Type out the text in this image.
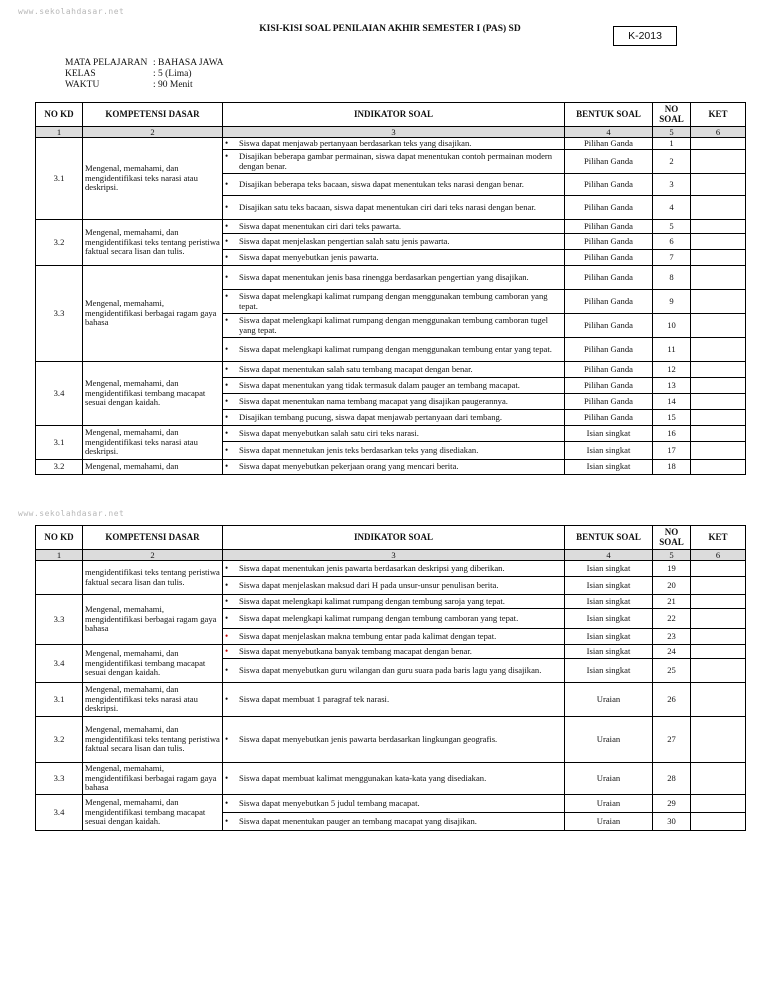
www.sekolahdasar.net
KISI-KISI SOAL PENILAIAN AKHIR SEMESTER I (PAS) SD
K-2013
MATA PELAJARAN : BAHASA JAWA
KELAS	: 5 (Lima)
WAKTU	: 90 Menit
NO KD	KOMPETENSI DASAR	INDIKATOR SOAL	BENTUK SOAL	NO SOAL	KET
1	2	3	4	5	6
3.1	Mengenal, memahami, dan mengidentifikasi teks narasi atau deskripsi.	• Siswa dapat menjawab pertanyaan berdasarkan teks yang disajikan.	Pilihan Ganda	1	

		• Disajikan beberapa gambar permainan, siswa dapat menentukan contoh permainan modern dengan benar.	Pilihan Ganda	2	

		• Disajikan beberapa teks bacaan, siswa dapat menentukan teks narasi dengan benar.	Pilihan Ganda	3	

		• Disajikan satu teks bacaan, siswa dapat menentukan ciri dari teks narasi dengan benar.	Pilihan Ganda	4	
3.2	Mengenal, memahami, dan mengidentifikasi teks tentang peristiwa faktual secara lisan dan tulis.	• Siswa dapat menentukan ciri dari teks pawarta.	Pilihan Ganda	5	

		• Siswa dapat menjelaskan pengertian salah satu jenis pawarta.	Pilihan Ganda	6	

		• Siswa dapat menyebutkan jenis pawarta.	Pilihan Ganda	7	
3.3	Mengenal, memahami, mengidentifikasi berbagai ragam gaya bahasa	• Siswa dapat menentukan jenis basa rinengga berdasarkan pengertian yang disajikan.	Pilihan Ganda	8	

		• Siswa dapat melengkapi kalimat rumpang dengan menggunakan tembung camboran yang tepat.	Pilihan Ganda	9	

		• Siswa dapat melengkapi kalimat rumpang dengan menggunakan tembung camboran tugel yang tepat.	Pilihan Ganda	10	

		• Siswa dapat melengkapi kalimat rumpang dengan menggunakan tembung entar yang tepat.	Pilihan Ganda	11	
3.4	Mengenal, memahami, dan mengidentifikasi tembang macapat sesuai dengan kaidah.	• Siswa dapat menentukan salah satu tembang macapat dengan benar.	Pilihan Ganda	12	

		• Siswa dapat menentukan yang tidak termasuk dalam pauger an tembang macapat.	Pilihan Ganda	13	

		• Siswa dapat menentukan nama tembang macapat yang disajikan paugerannya.	Pilihan Ganda	14	

		• Disajikan tembang pucung, siswa dapat menjawab pertanyaan dari tembang.	Pilihan Ganda	15	
3.1	Mengenal, memahami, dan mengidentifikasi teks narasi atau deskripsi.	• Siswa dapat menyebutkan salah satu ciri teks narasi.	Isian singkat	16	

		• Siswa dapat mennetukan jenis teks berdasarkan teks yang disediakan.	Isian singkat	17	
3.2	Mengenal, memahami, dan	• Siswa dapat menyebutkan pekerjaan orang yang mencari berita.	Isian singkat	18	
www.sekolahdasar.net
NO KD	KOMPETENSI DASAR	INDIKATOR SOAL	BENTUK SOAL	NO SOAL	KET
1	2	3	4	5	6
	mengidentifikasi teks tentang peristiwa faktual secara lisan dan tulis.	• Siswa dapat menentukan jenis pawarta berdasarkan deskripsi yang diberikan.	Isian singkat	19	

		• Siswa dapat menjelaskan maksud dari H pada unsur-unsur penulisan berita.	Isian singkat	20	
3.3	Mengenal, memahami, mengidentifikasi berbagai ragam gaya bahasa	• Siswa dapat melengkapi kalimat rumpang dengan tembung saroja yang tepat.	Isian singkat	21	

		• Siswa dapat melengkapi kalimat rumpang dengan tembung camboran yang tepat.	Isian singkat	22	

		• Siswa dapat menjelaskan makna tembung entar pada kalimat dengan tepat.	Isian singkat	23	
3.4	Mengenal, memahami, dan mengidentifikasi tembang macapat sesuai dengan kaidah.	• Siswa dapat menyebutkana banyak tembang macapat dengan benar.	Isian singkat	24	

		• Siswa dapat menyebutkan guru wilangan dan guru suara pada baris lagu yang disajikan.	Isian singkat	25	
3.1	Mengenal, memahami, dan mengidentifikasi teks narasi atau deskripsi.	• Siswa dapat membuat 1 paragraf tek narasi.	Uraian	26	
3.2	Mengenal, memahami, dan mengidentifikasi teks tentang peristiwa faktual secara lisan dan tulis.	• Siswa dapat menyebutkan jenis pawarta berdasarkan lingkungan geografis.	Uraian	27	
3.3	Mengenal, memahami, mengidentifikasi berbagai ragam gaya bahasa	• Siswa dapat membuat kalimat menggunakan kata-kata yang disediakan.	Uraian	28	
3.4	Mengenal, memahami, dan mengidentifikasi tembang macapat sesuai dengan kaidah.	• Siswa dapat menyebutkan 5 judul tembang macapat.	Uraian	29	

		• Siswa dapat menentukan pauger an tembang macapat yang disajikan.	Uraian	30	
